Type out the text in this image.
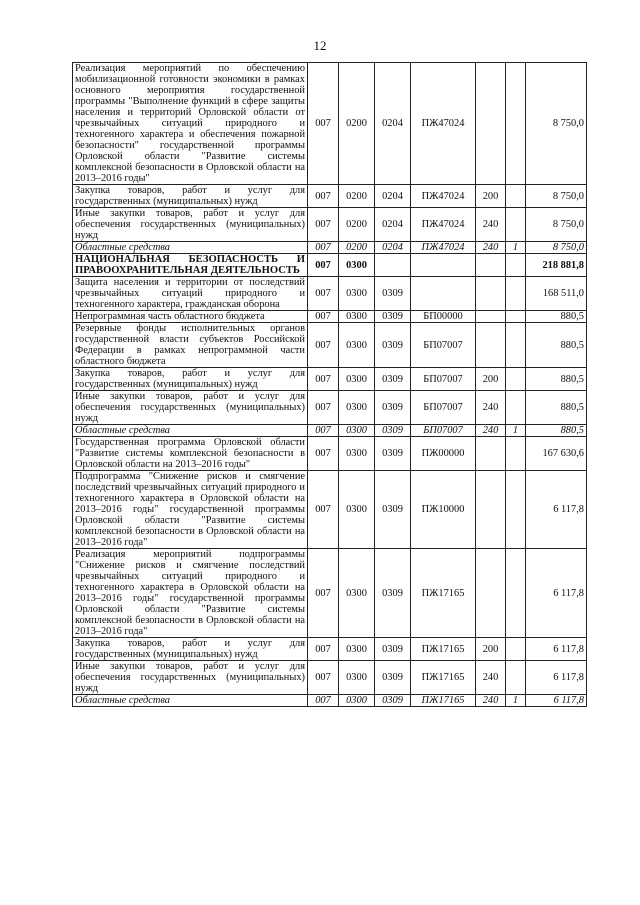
12
Реализация мероприятий по обеспечению мобилизационной готовности экономики в рамках основного мероприятия государственной программы "Выполнение функций в сфере защиты населения и территорий Орловской области от чрезвычайных ситуаций природного и техногенного характера и обеспечения пожарной безопасности" государственной программы Орловской области "Развитие системы комплексной безопасности в Орловской области на 2013–2016 годы"	007	0200	0204	ПЖ47024			8 750,0
Закупка товаров, работ и услуг для государственных (муниципальных) нужд	007	0200	0204	ПЖ47024	200		8 750,0
Иные закупки товаров, работ и услуг для обеспечения государственных (муниципальных) нужд	007	0200	0204	ПЖ47024	240		8 750,0
Областные средства	007	0200	0204	ПЖ47024	240	1	8 750,0
НАЦИОНАЛЬНАЯ БЕЗОПАСНОСТЬ И ПРАВООХРАНИТЕЛЬНАЯ ДЕЯТЕЛЬНОСТЬ	007	0300					218 881,8
Защита населения и территории от последствий чрезвычайных ситуаций природного и техногенного характера, гражданская оборона	007	0300	0309				168 511,0
Непрограммная часть областного бюджета	007	0300	0309	БП00000			880,5
Резервные фонды исполнительных органов государственной власти субъектов Российской Федерации в рамках непрограммной части областного бюджета	007	0300	0309	БП07007			880,5
Закупка товаров, работ и услуг для государственных (муниципальных) нужд	007	0300	0309	БП07007	200		880,5
Иные закупки товаров, работ и услуг для обеспечения государственных (муниципальных) нужд	007	0300	0309	БП07007	240		880,5
Областные средства	007	0300	0309	БП07007	240	1	880,5
Государственная программа Орловской области "Развитие системы комплексной безопасности в Орловской области на 2013–2016 годы"	007	0300	0309	ПЖ00000			167 630,6
Подпрограмма "Снижение рисков и смягчение последствий чрезвычайных ситуаций природного и техногенного характера в Орловской области на 2013–2016 годы" государственной программы Орловской области "Развитие системы комплексной безопасности в Орловской области на 2013–2016 года"	007	0300	0309	ПЖ10000			6 117,8
Реализация мероприятий подпрограммы "Снижение рисков и смягчение последствий чрезвычайных ситуаций природного и техногенного характера в Орловской области на 2013–2016 годы" государственной программы Орловской области "Развитие системы комплексной безопасности в Орловской области на 2013–2016 года"	007	0300	0309	ПЖ17165			6 117,8
Закупка товаров, работ и услуг для государственных (муниципальных) нужд	007	0300	0309	ПЖ17165	200		6 117,8
Иные закупки товаров, работ и услуг для обеспечения государственных (муниципальных) нужд	007	0300	0309	ПЖ17165	240		6 117,8
Областные средства	007	0300	0309	ПЖ17165	240	1	6 117,8
